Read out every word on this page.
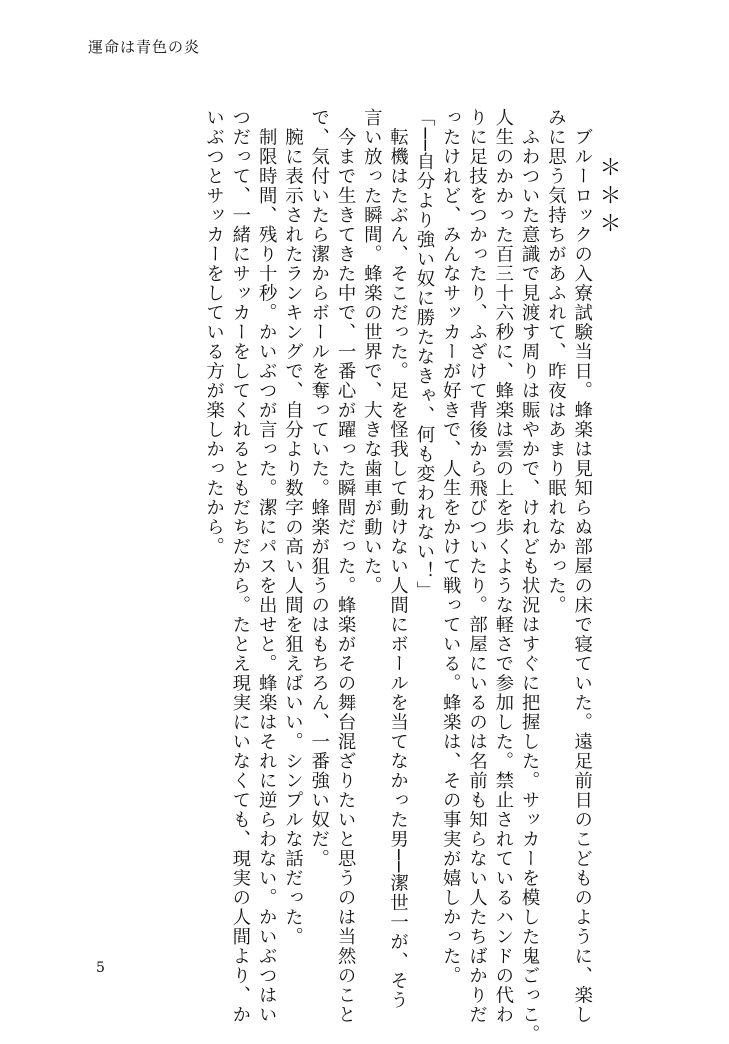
運命は青色の炎

　＊＊＊

　ブルーロックの入寮試験当日。蜂楽は見知らぬ部屋の床で寝ていた。遠足前日のこどものように、楽し

みに思う気持ちがあふれて、昨夜はあまり眠れなかった。

　ふわついた意識で見渡す周りは賑やかで、けれども状況はすぐに把握した。サッカーを模した鬼ごっこ。

人生のかかった百三十六秒に、蜂楽は雲の上を歩くような軽さで参加した。禁止されているハンドの代わ

りに足技をつかったり、ふざけて背後から飛びついたり。部屋にいるのは名前も知らない人たちばかりだ

ったけれど、みんなサッカーが好きで、人生をかけて戦っている。蜂楽は、その事実が嬉しかった。

「──自分より強い奴に勝たなきゃ、何も変われない！」

　転機はたぶん、そこだった。足を怪我して動けない人間にボールを当てなかった男──潔世一が、そう

言い放った瞬間。蜂楽の世界で、大きな歯車が動いた。

　今まで生きてきた中で、一番心が躍った瞬間だった。蜂楽がその舞台混ざりたいと思うのは当然のこと

で、気付いたら潔からボールを奪っていた。蜂楽が狙うのはもちろん、一番強い奴だ。

　腕に表示されたランキングで、自分より数字の高い人間を狙えばいい。シンプルな話だった。

　制限時間、残り十秒。かいぶつが言った。潔にパスを出せと。蜂楽はそれに逆らわない。かいぶつはい

つだって、一緒にサッカーをしてくれるともだちだから。たとえ現実にいなくても、現実の人間より、か

いぶつとサッカーをしている方が楽しかったから。

5
